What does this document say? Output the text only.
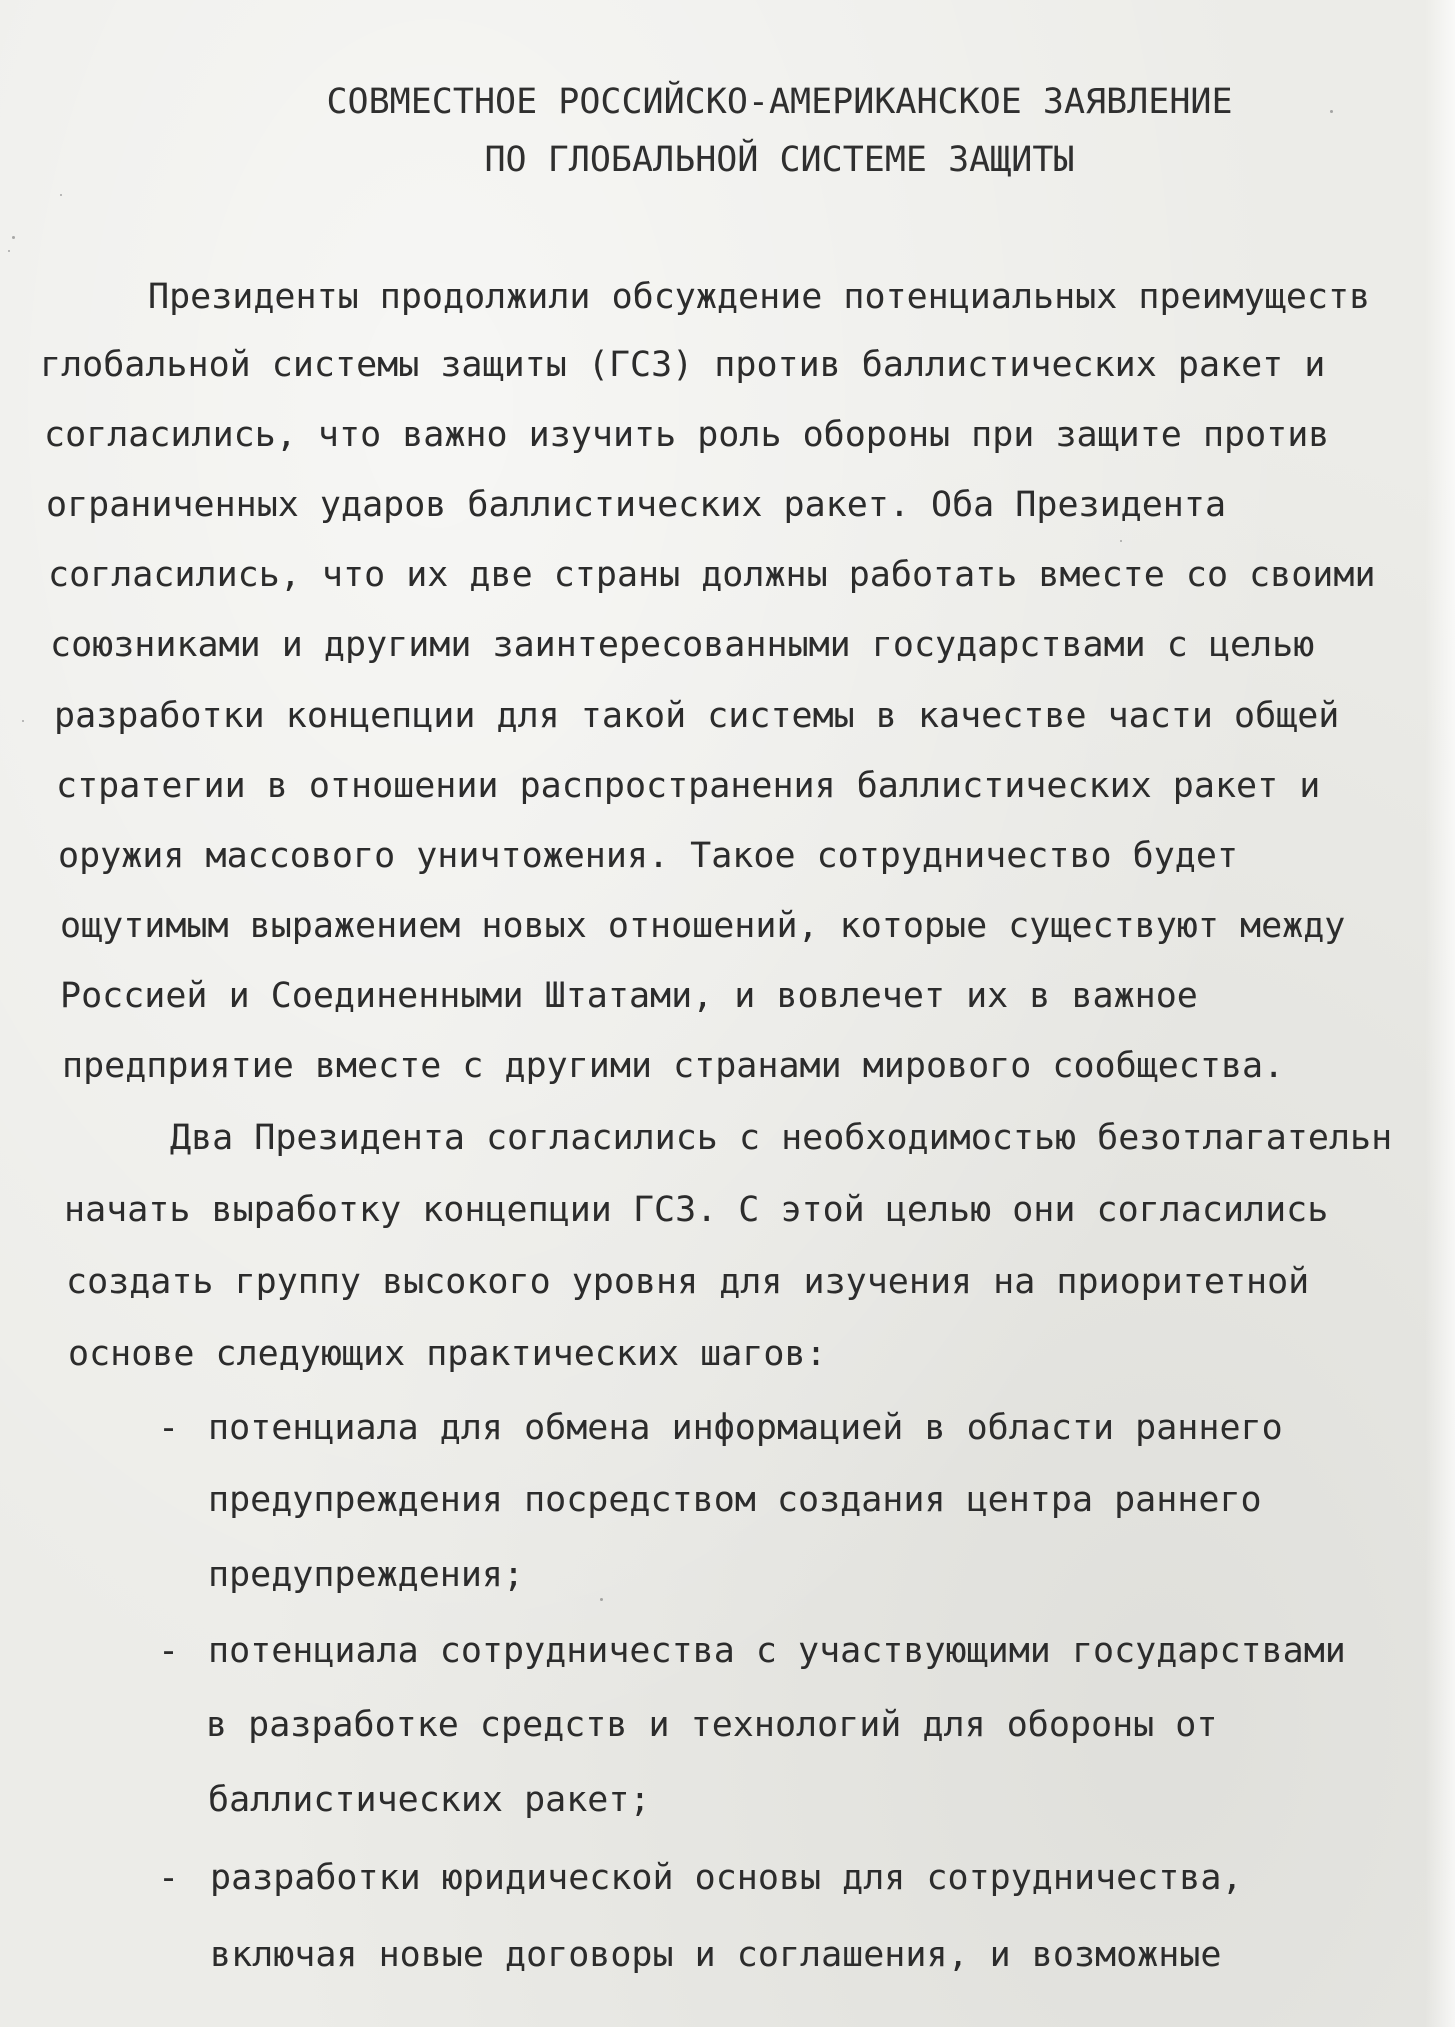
СОВМЕСТНОЕ РОССИЙСКО-АМЕРИКАНСКОЕ ЗАЯВЛЕНИЕ
ПО ГЛОБАЛЬНОЙ СИСТЕМЕ ЗАЩИТЫ
Президенты продолжили обсуждение потенциальных преимуществ
глобальной системы защиты (ГСЗ) против баллистических ракет и
согласились, что важно изучить роль обороны при защите против
ограниченных ударов баллистических ракет. Оба Президента
согласились, что их две страны должны работать вместе со своими
союзниками и другими заинтересованными государствами с целью
разработки концепции для такой системы в качестве части общей
стратегии в отношении распространения баллистических ракет и
оружия массового уничтожения. Такое сотрудничество будет
ощутимым выражением новых отношений, которые существуют между
Россией и Соединенными Штатами, и вовлечет их в важное
предприятие вместе с другими странами мирового сообщества.
Два Президента согласились с необходимостью безотлагательн
начать выработку концепции ГСЗ. С этой целью они согласились
создать группу высокого уровня для изучения на приоритетной
основе следующих практических шагов:
- потенциала для обмена информацией в области раннего
предупреждения посредством создания центра раннего
предупреждения;
- потенциала сотрудничества с участвующими государствами
в разработке средств и технологий для обороны от
баллистических ракет;
- разработки юридической основы для сотрудничества,
включая новые договоры и соглашения, и возможные
